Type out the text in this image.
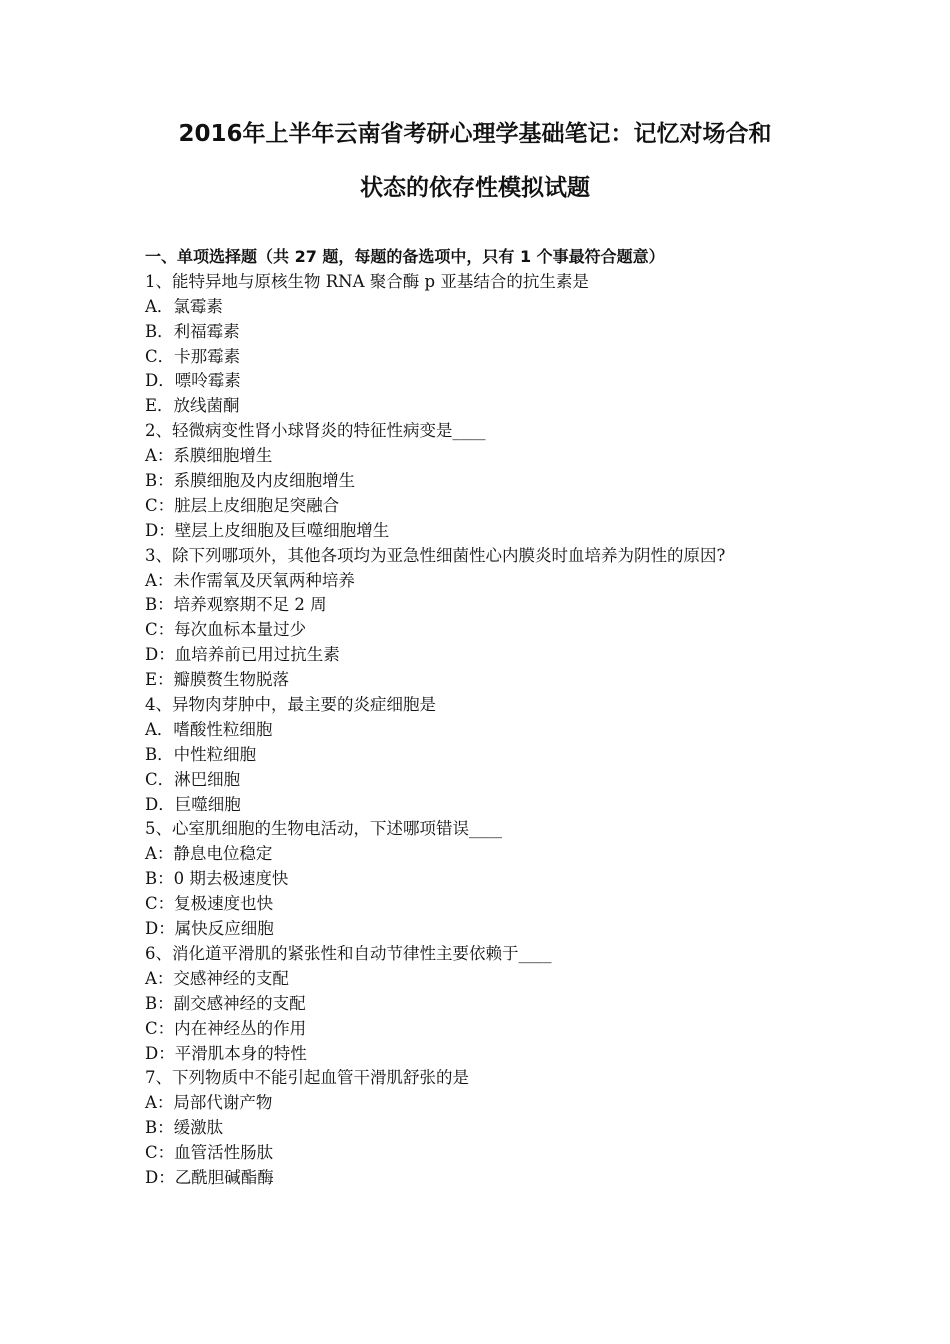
2016年上半年云南省考研心理学基础笔记：记忆对场合和
状态的依存性模拟试题
一、单项选择题（共 27 题，每题的备选项中，只有 1 个事最符合题意）
1、能特异地与原核生物 RNA 聚合酶 p 亚基结合的抗生素是
A．氯霉素
B．利福霉素
C．卡那霉素
D．嘌呤霉素
E．放线菌酮
2、轻微病变性肾小球肾炎的特征性病变是____
A：系膜细胞增生
B：系膜细胞及内皮细胞增生
C：脏层上皮细胞足突融合
D：壁层上皮细胞及巨噬细胞增生
3、除下列哪项外，其他各项均为亚急性细菌性心内膜炎时血培养为阴性的原因?
A：未作需氧及厌氧两种培养
B：培养观察期不足 2 周
C：每次血标本量过少
D：血培养前已用过抗生素
E：瓣膜赘生物脱落
4、异物肉芽肿中，最主要的炎症细胞是
A．嗜酸性粒细胞
B．中性粒细胞
C．淋巴细胞
D．巨噬细胞
5、心室肌细胞的生物电活动，下述哪项错误____
A：静息电位稳定
B：0 期去极速度快
C：复极速度也快
D：属快反应细胞
6、消化道平滑肌的紧张性和自动节律性主要依赖于____
A：交感神经的支配
B：副交感神经的支配
C：内在神经丛的作用
D：平滑肌本身的特性
7、下列物质中不能引起血管干滑肌舒张的是
A：局部代谢产物
B：缓激肽
C：血管活性肠肽
D：乙酰胆碱酯酶
